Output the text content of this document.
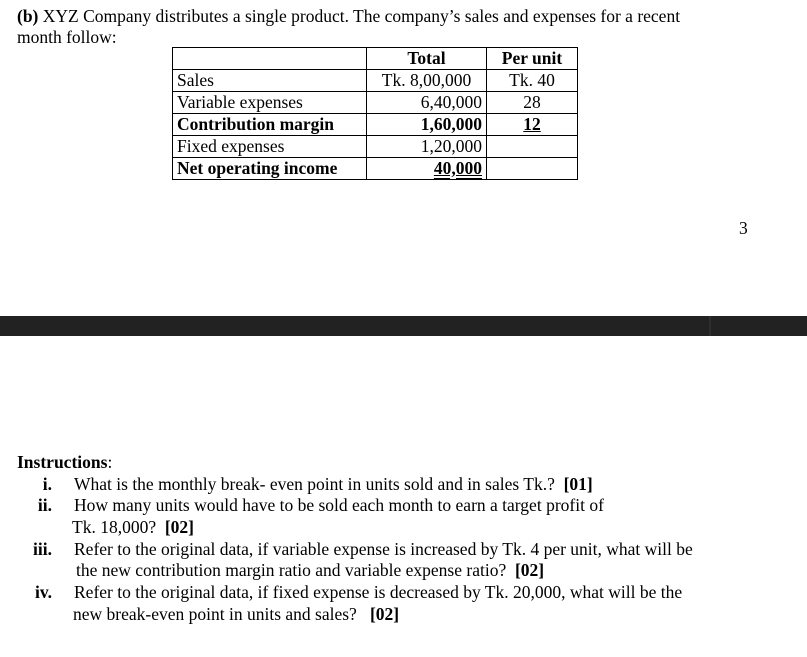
(b) XYZ Company distributes a single product. The company’s sales and expenses for a recent
month follow:
	Total	Per unit
Sales	Tk. 8,00,000	Tk. 40
Variable expenses	6,40,000	28
Contribution margin	1,60,000	12
Fixed expenses	1,20,000	
Net operating income	40,000	
3
Instructions:
i. What is the monthly break- even point in units sold and in sales Tk.? [01]
ii. How many units would have to be sold each month to earn a target profit of
Tk. 18,000? [02]
iii. Refer to the original data, if variable expense is increased by Tk. 4 per unit, what will be
the new contribution margin ratio and variable expense ratio? [02]
iv. Refer to the original data, if fixed expense is decreased by Tk. 20,000, what will be the
new break-even point in units and sales? [02]
